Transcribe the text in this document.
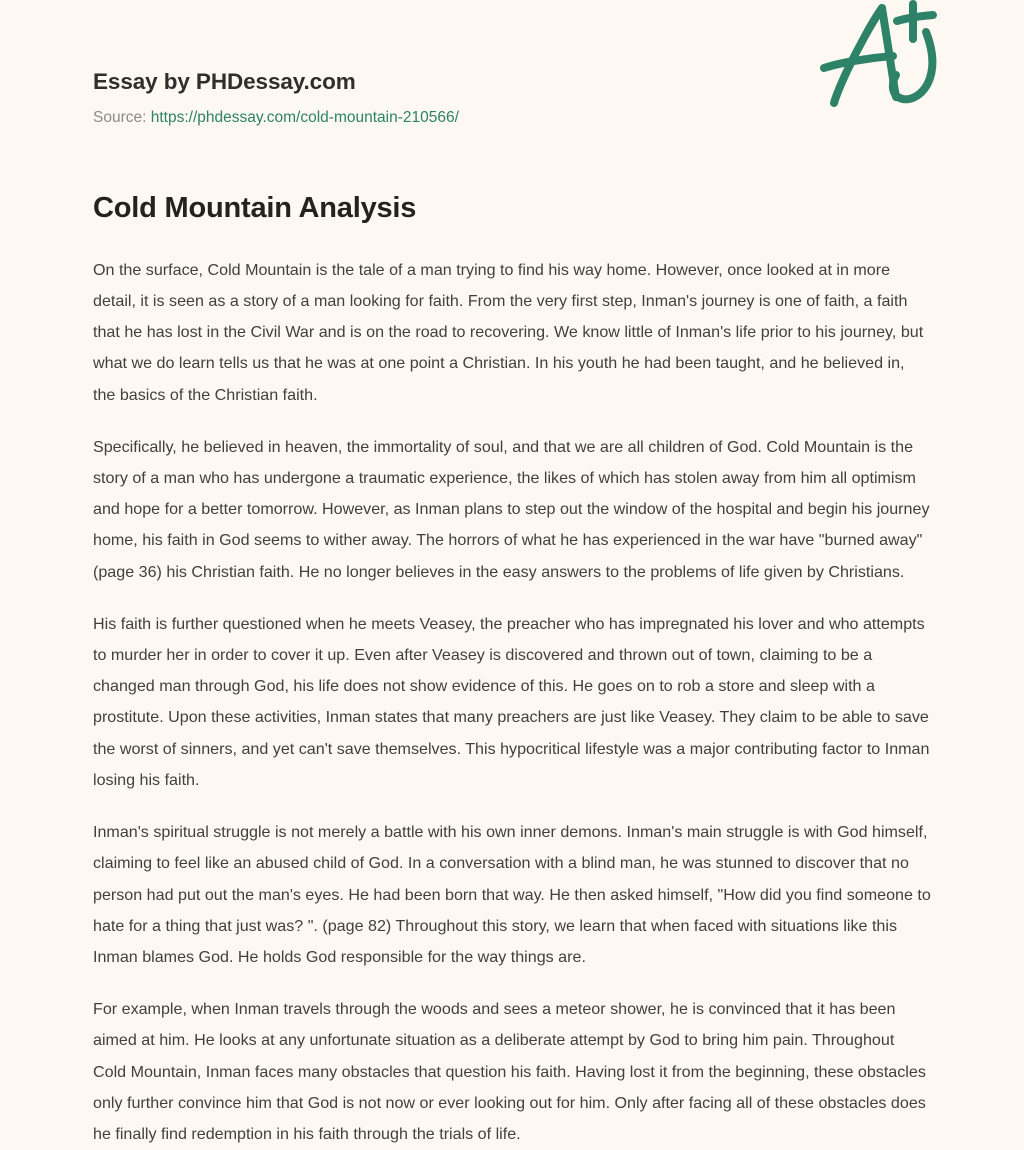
Essay by PHDessay.com
Source: https://phdessay.com/cold-mountain-210566/
Cold Mountain Analysis

On the surface, Cold Mountain is the tale of a man trying to find his way home. However, once looked at in more detail, it is seen as a story of a man looking for faith. From the very first step, Inman's journey is one of faith, a faith that he has lost in the Civil War and is on the road to recovering. We know little of Inman's life prior to his journey, but what we do learn tells us that he was at one point a Christian. In his youth he had been taught, and he believed in, the basics of the Christian faith.

Specifically, he believed in heaven, the immortality of soul, and that we are all children of God. Cold Mountain is the story of a man who has undergone a traumatic experience, the likes of which has stolen away from him all optimism and hope for a better tomorrow. However, as Inman plans to step out the window of the hospital and begin his journey home, his faith in God seems to wither away. The horrors of what he has experienced in the war have "burned away" (page 36) his Christian faith. He no longer believes in the easy answers to the problems of life given by Christians.

His faith is further questioned when he meets Veasey, the preacher who has impregnated his lover and who attempts to murder her in order to cover it up. Even after Veasey is discovered and thrown out of town, claiming to be a changed man through God, his life does not show evidence of this. He goes on to rob a store and sleep with a prostitute. Upon these activities, Inman states that many preachers are just like Veasey. They claim to be able to save the worst of sinners, and yet can't save themselves. This hypocritical lifestyle was a major contributing factor to Inman losing his faith.

Inman's spiritual struggle is not merely a battle with his own inner demons. Inman's main struggle is with God himself, claiming to feel like an abused child of God. In a conversation with a blind man, he was stunned to discover that no person had put out the man's eyes. He had been born that way. He then asked himself, "How did you find someone to hate for a thing that just was? ". (page 82) Throughout this story, we learn that when faced with situations like this Inman blames God. He holds God responsible for the way things are.

For example, when Inman travels through the woods and sees a meteor shower, he is convinced that it has been aimed at him. He looks at any unfortunate situation as a deliberate attempt by God to bring him pain. Throughout Cold Mountain, Inman faces many obstacles that question his faith. Having lost it from the beginning, these obstacles only further convince him that God is not now or ever looking out for him. Only after facing all of these obstacles does he finally find redemption in his faith through the trials of life.
